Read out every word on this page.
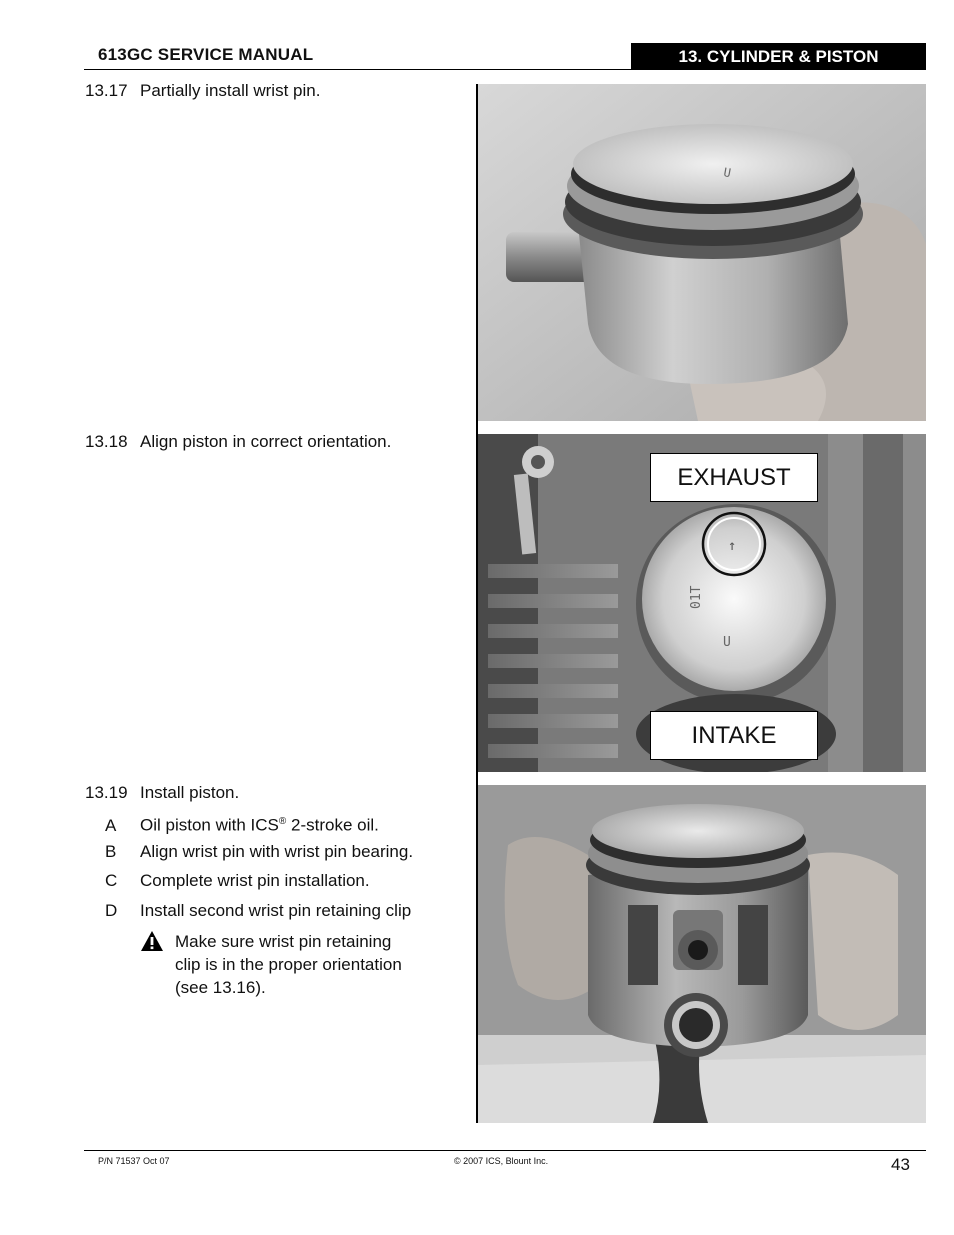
613GC SERVICE MANUAL	13. CYLINDER & PISTON
13.17 Partially install wrist pin.
13.18 Align piston in correct orientation.
13.19 Install piston.
A Oil piston with ICS® 2-stroke oil.
B Align wrist pin with wrist pin bearing.
C Complete wrist pin installation.
D Install second wrist pin retaining clip
Make sure wrist pin retaining
clip is in the proper orientation
(see 13.16).
U
↑
01T
U
EXHAUST
INTAKE
P/N 71537 Oct 07	© 2007 ICS, Blount Inc.	43
